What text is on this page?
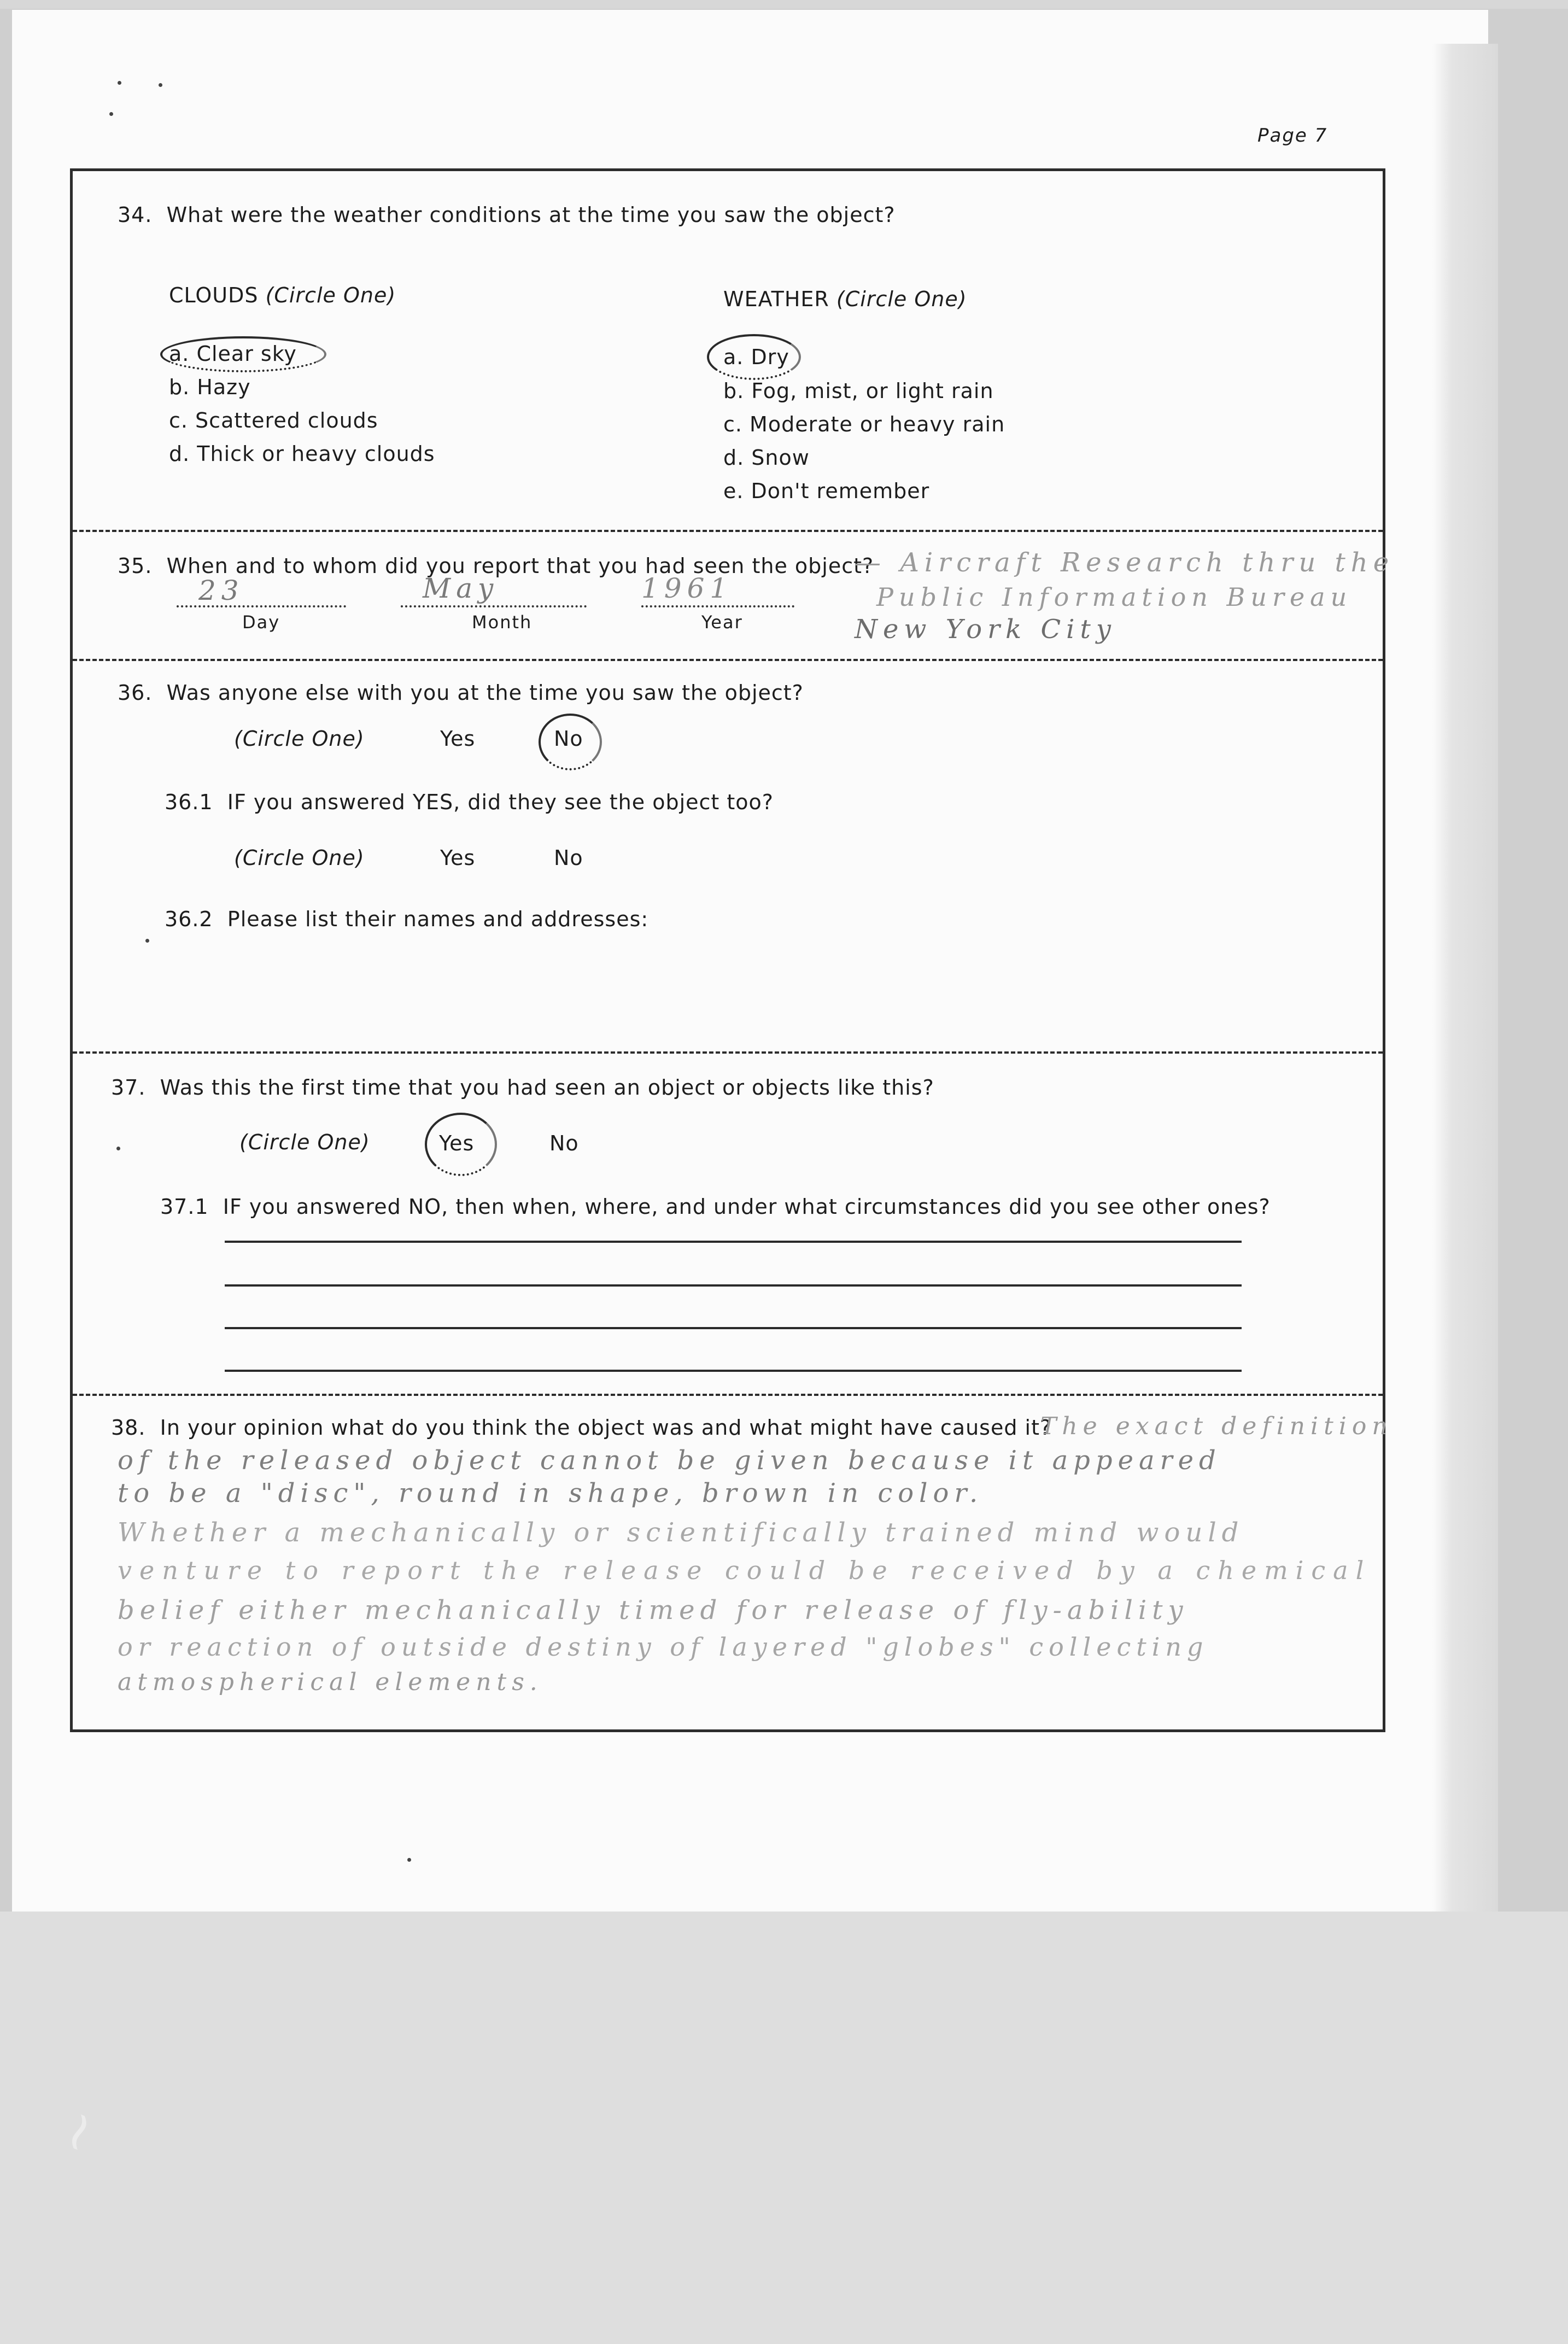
~
Page 7
34. What were the weather conditions at the time you saw the object?
CLOUDS (Circle One)
a. Clear sky
b. Hazy
c. Scattered clouds
d. Thick or heavy clouds
WEATHER (Circle One)
a. Dry
b. Fog, mist, or light rain
c. Moderate or heavy rain
d. Snow
e. Don't remember
35. When and to whom did you report that you had seen the object?
— Aircraft Research thru the
Public Information Bureau
New York City
23	May	1961
Day	Month	Year
36. Was anyone else with you at the time you saw the object?
(Circle One)	Yes	No
36.1 IF you answered YES, did they see the object too?
(Circle One)	Yes	No
36.2 Please list their names and addresses:
37. Was this the first time that you had seen an object or objects like this?
(Circle One)	Yes	No
37.1 IF you answered NO, then when, where, and under what circumstances did you see other ones?
38. In your opinion what do you think the object was and what might have caused it?
The exact definition
of the released object cannot be given because it appeared
to be a "disc", round in shape, brown in color.
Whether a mechanically or scientifically trained mind would
venture to report the release could be received by a chemical
belief either mechanically timed for release of fly-ability
or reaction of outside destiny of layered "globes" collecting
atmospherical elements.
